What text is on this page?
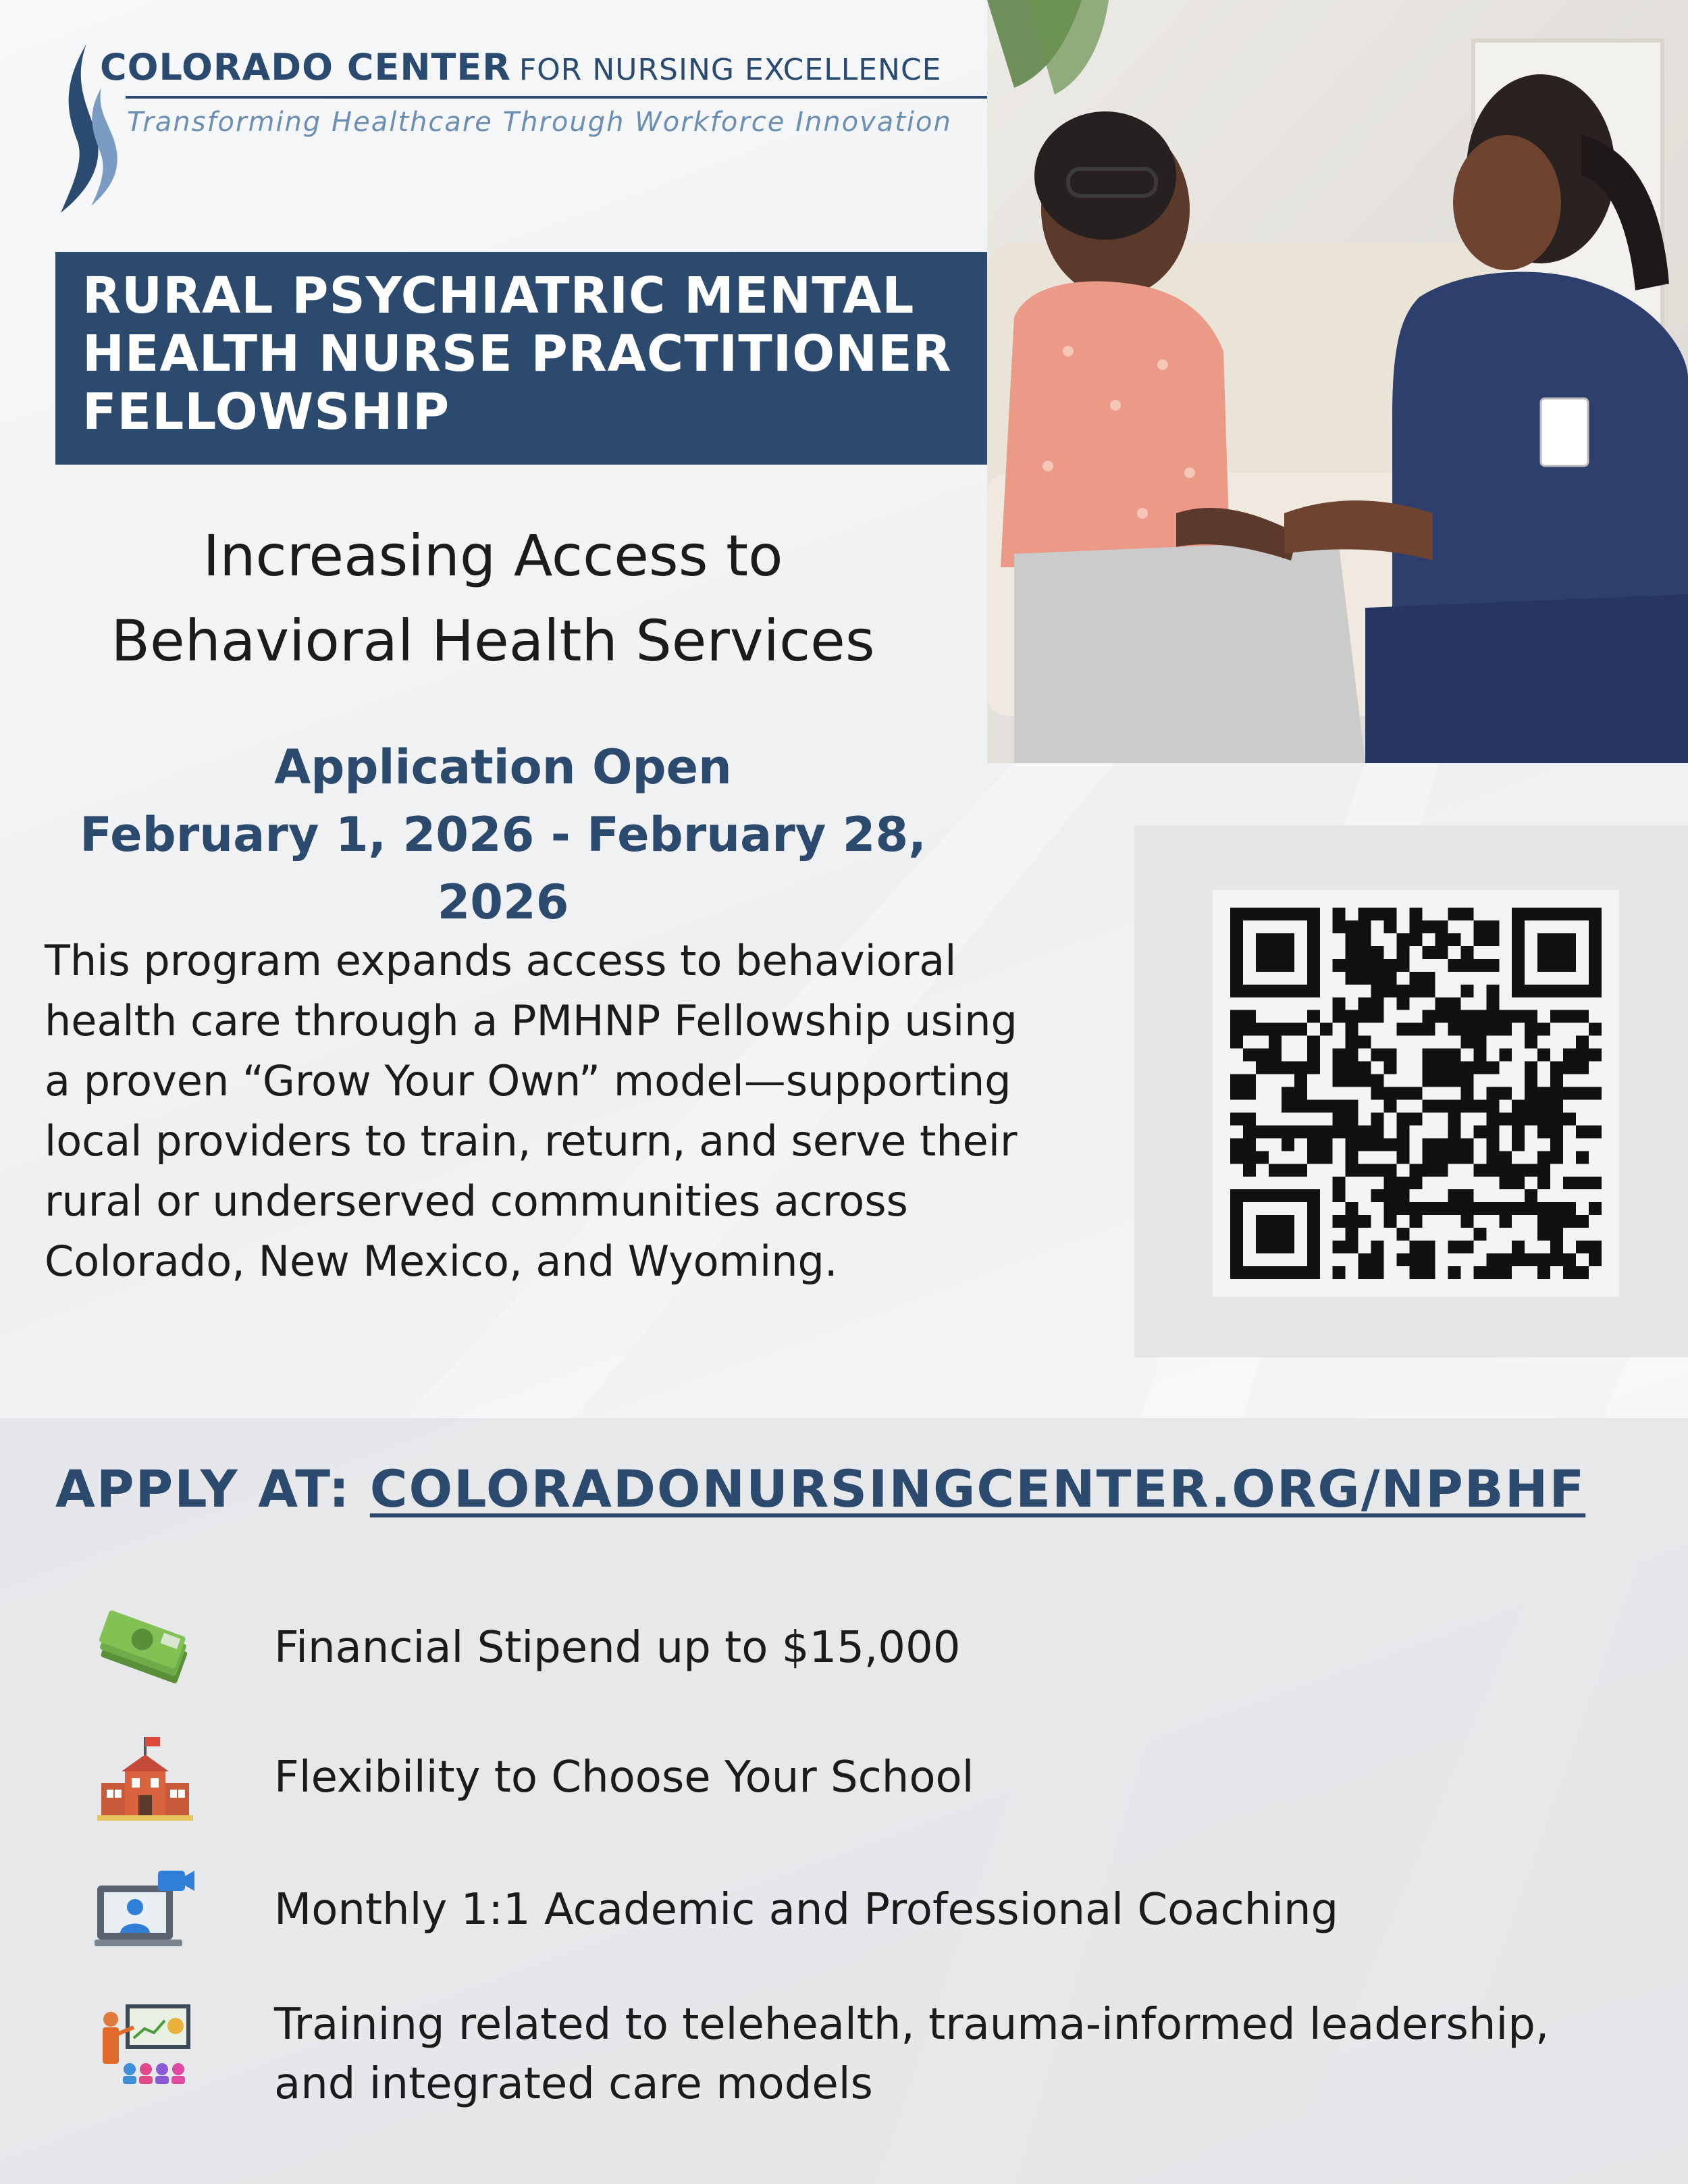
COLORADO CENTER FOR NURSING EXCELLENCE
Transforming Healthcare Through Workforce Innovation
RURAL PSYCHIATRIC MENTAL
HEALTH NURSE PRACTITIONER
FELLOWSHIP
Increasing Access to
Behavioral Health Services
Application Open
February 1, 2026 - February 28, 2026

This program expands access to behavioral health care through a PMHNP Fellowship using a proven “Grow Your Own” model—supporting local providers to train, return, and serve their rural or underserved communities across Colorado, New Mexico, and Wyoming.

APPLY AT: COLORADONURSINGCENTER.ORG/NPBHF
Financial Stipend up to $15,000
Flexibility to Choose Your School
Monthly 1:1 Academic and Professional Coaching
Training related to telehealth, trauma-informed leadership,
and integrated care models
